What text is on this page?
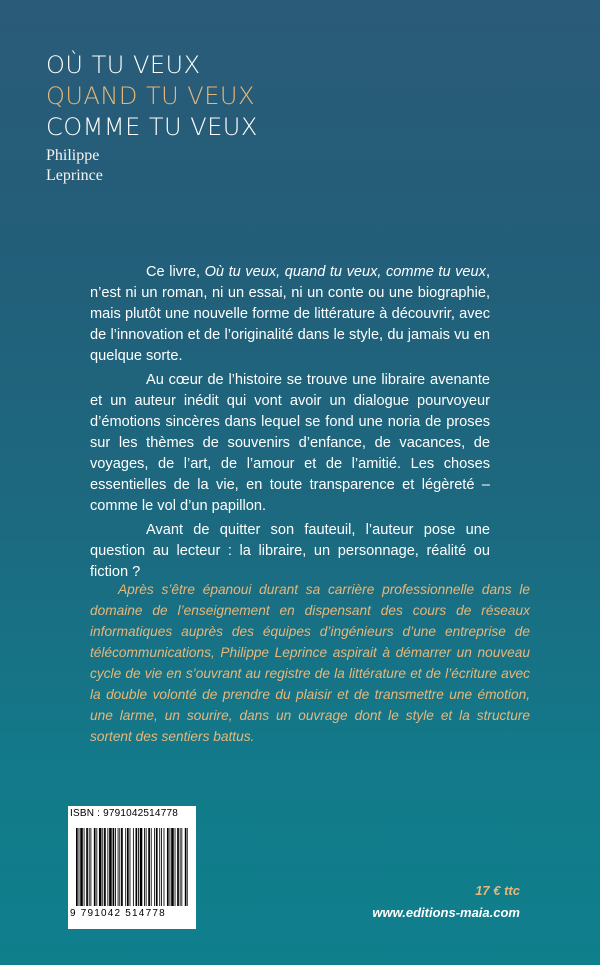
OÙ TU VEUX
QUAND TU VEUX
COMME TU VEUX
Philippe
Leprince

Ce livre, Où tu veux, quand tu veux, comme tu veux, n’est ni un roman, ni un essai, ni un conte ou une biographie, mais plutôt une nouvelle forme de littérature à découvrir, avec de l’innovation et de l’originalité dans le style, du jamais vu en quelque sorte.

Au cœur de l’histoire se trouve une libraire avenante et un auteur inédit qui vont avoir un dialogue pourvoyeur d’émotions sincères dans lequel se fond une noria de proses sur les thèmes de souvenirs d’enfance, de vacances, de voyages, de l’art, de l’amour et de l’amitié. Les choses essentielles de la vie, en toute transparence et légèreté – comme le vol d’un papillon.

Avant de quitter son fauteuil, l’auteur pose une question au lecteur : la libraire, un personnage, réalité ou fiction ?

Après s’être épanoui durant sa carrière professionnelle dans le domaine de l’enseignement en dispensant des cours de réseaux informatiques auprès des équipes d’ingénieurs d’une entreprise de télécommunications, Philippe Leprince aspirait à démarrer un nouveau cycle de vie en s’ouvrant au registre de la littérature et de l’écriture avec la double volonté de prendre du plaisir et de transmettre une émotion, une larme, un sourire, dans un ouvrage dont le style et la structure sortent des sentiers battus.

ISBN : 9791042514778
9 791042 514778
17 € ttc
www.editions-maia.com
